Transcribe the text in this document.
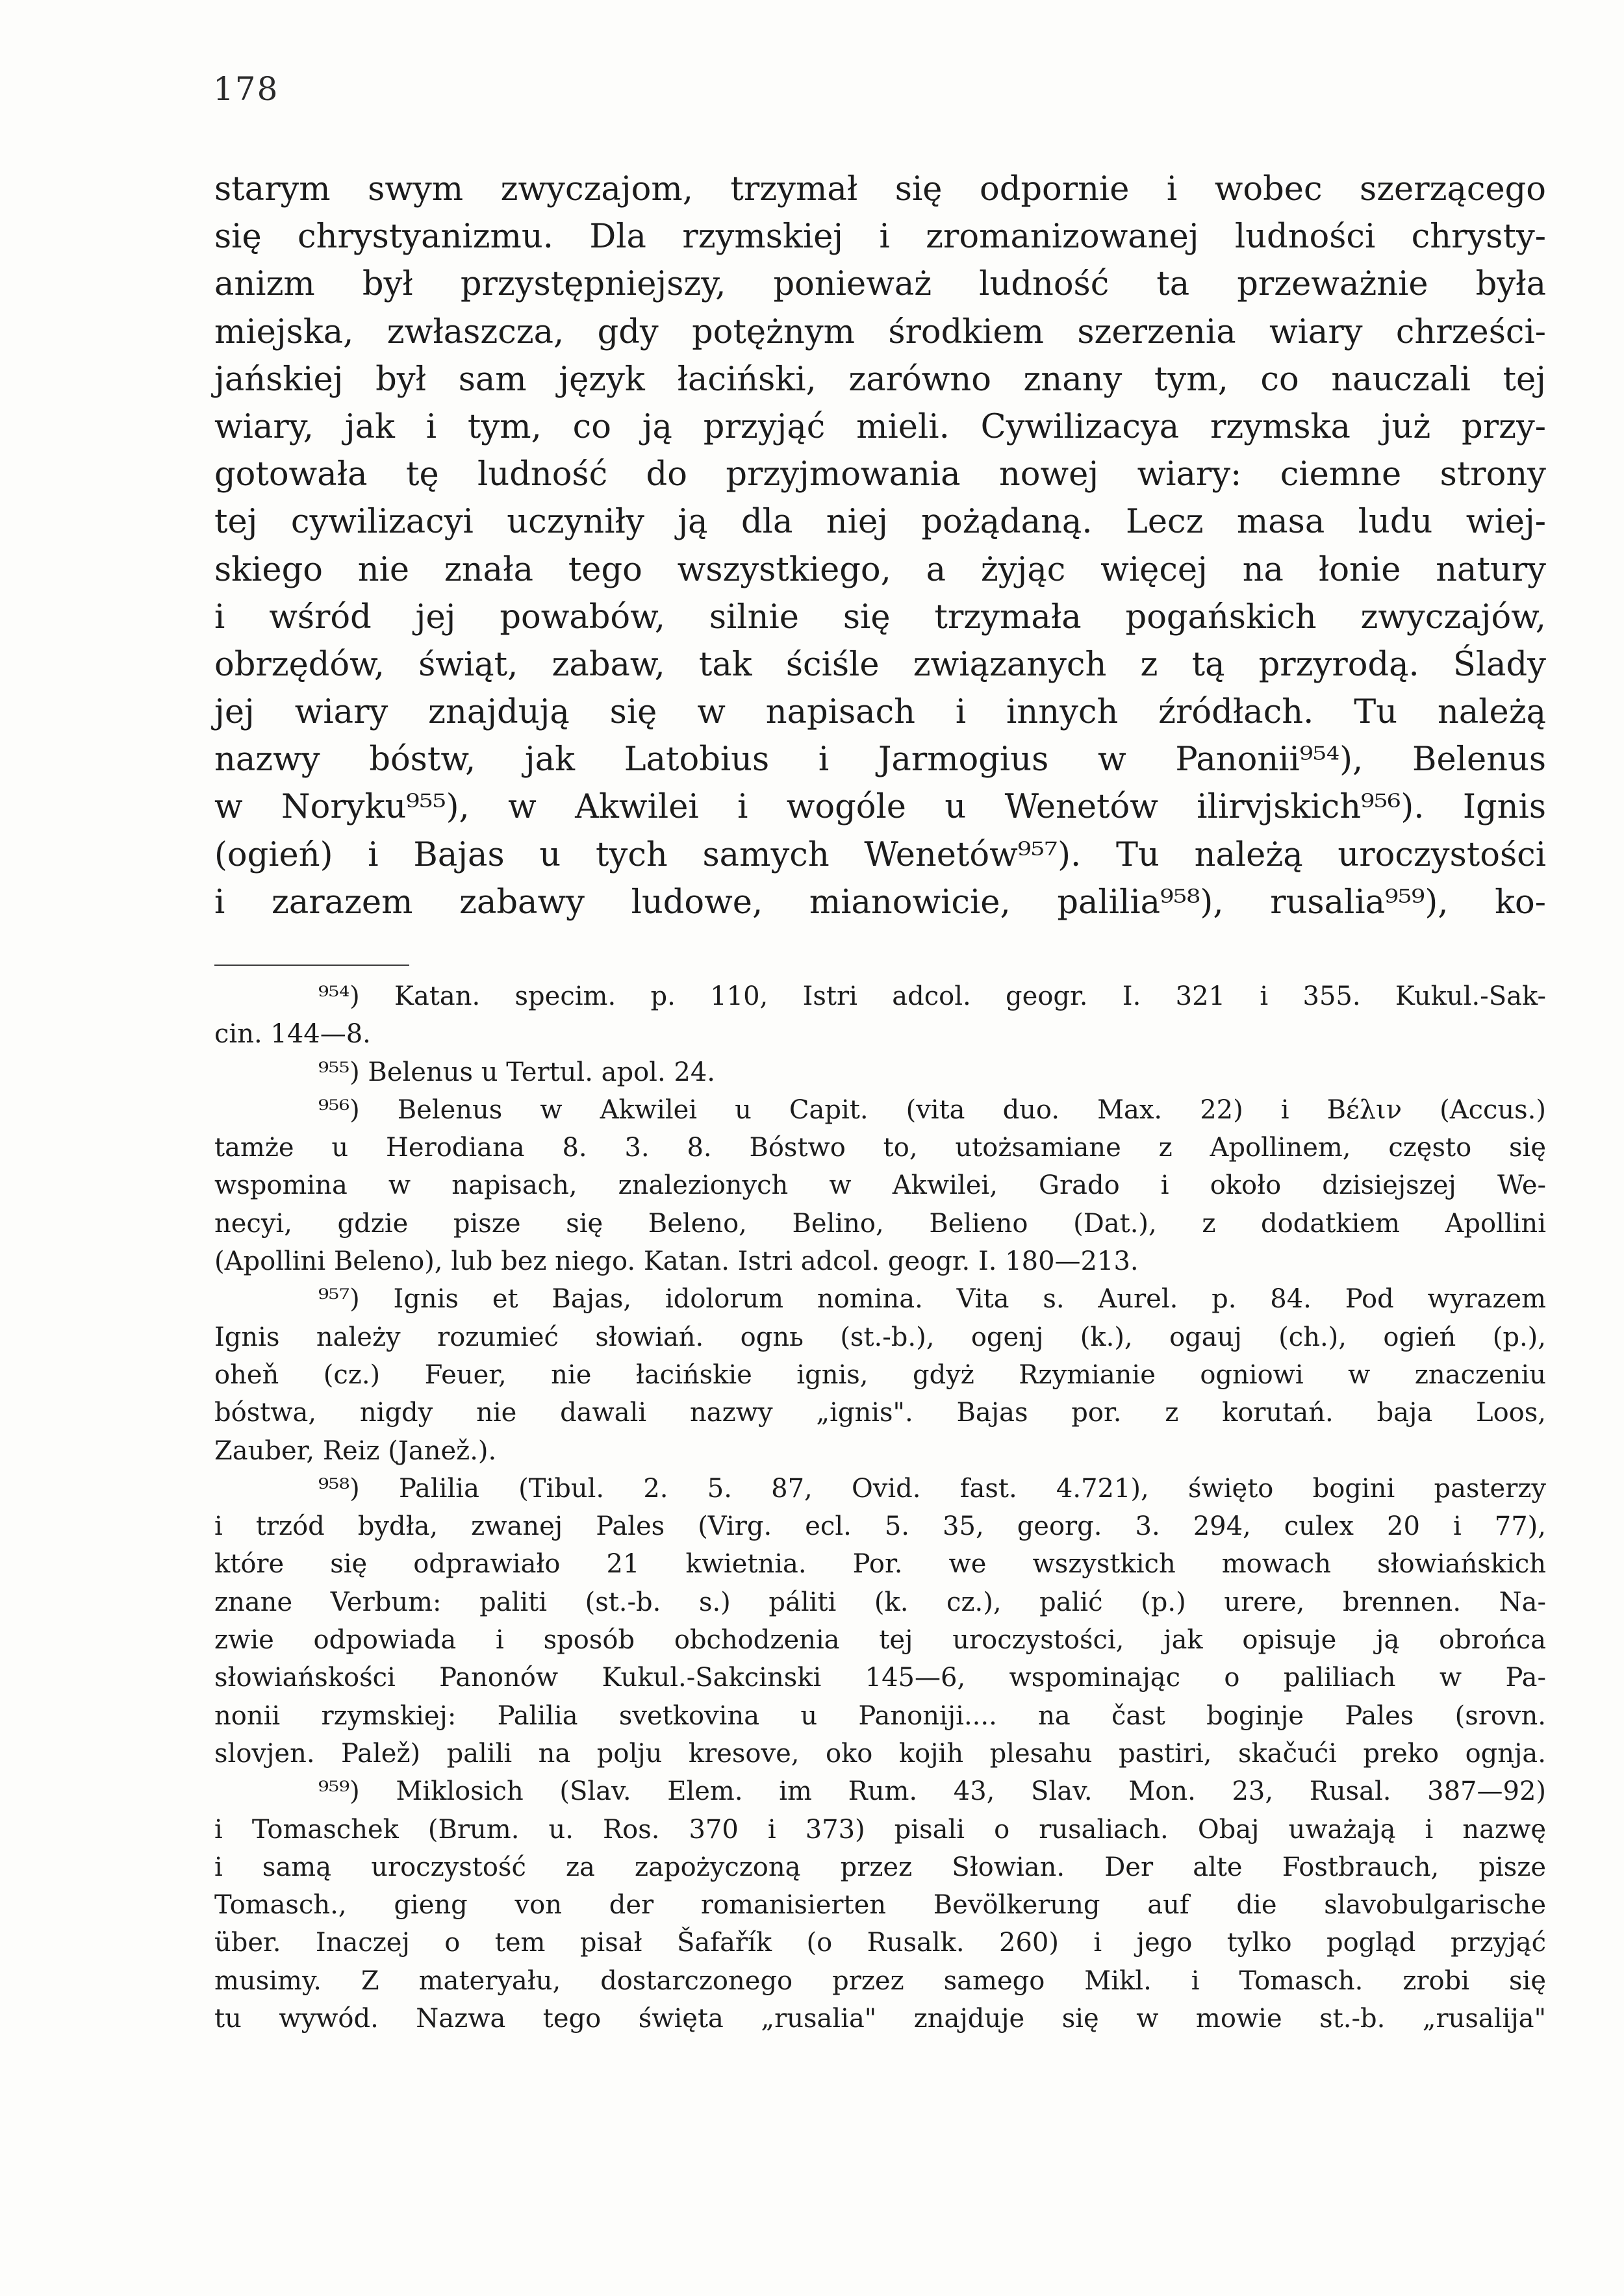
178
starym swym zwyczajom, trzymał się odpornie i wobec szerzącego
się chrystyanizmu. Dla rzymskiej i zromanizowanej ludności chrysty-
anizm był przystępniejszy, ponieważ ludność ta przeważnie była
miejska, zwłaszcza, gdy potężnym środkiem szerzenia wiary chrześci-
jańskiej był sam język łaciński, zarówno znany tym, co nauczali tej
wiary, jak i tym, co ją przyjąć mieli. Cywilizacya rzymska już przy-
gotowała tę ludność do przyjmowania nowej wiary: ciemne strony
tej cywilizacyi uczyniły ją dla niej pożądaną. Lecz masa ludu wiej-
skiego nie znała tego wszystkiego, a żyjąc więcej na łonie natury
i wśród jej powabów, silnie się trzymała pogańskich zwyczajów,
obrzędów, świąt, zabaw, tak ściśle związanych z tą przyrodą. Ślady
jej wiary znajdują się w napisach i innych źródłach. Tu należą
nazwy bóstw, jak Latobius i Jarmogius w Panonii⁹⁵⁴), Belenus
w Noryku⁹⁵⁵), w Akwilei i wogóle u Wenetów ilirvjskich⁹⁵⁶). Ignis
(ogień) i Bajas u tych samych Wenetów⁹⁵⁷). Tu należą uroczystości
i zarazem zabawy ludowe, mianowicie, palilia⁹⁵⁸), rusalia⁹⁵⁹), ko-
⁹⁵⁴) Katan. specim. p. 110, Istri adcol. geogr. I. 321 i 355. Kukul.-Sak-
cin. 144—8.
⁹⁵⁵) Belenus u Tertul. apol. 24.
⁹⁵⁶) Belenus w Akwilei u Capit. (vita duo. Max. 22) i Βέλιν (Accus.)
tamże u Herodiana 8. 3. 8. Bóstwo to, utożsamiane z Apollinem, często się
wspomina w napisach, znalezionych w Akwilei, Grado i około dzisiejszej We-
necyi, gdzie pisze się Beleno, Belino, Belieno (Dat.), z dodatkiem Apollini
(Apollini Beleno), lub bez niego. Katan. Istri adcol. geogr. I. 180—213.
⁹⁵⁷) Ignis et Bajas, idolorum nomina. Vita s. Aurel. p. 84. Pod wyrazem
Ignis należy rozumieć słowiań. ognь (st.-b.), ogenj (k.), ogauj (ch.), ogień (p.),
oheň (cz.) Feuer, nie łacińskie ignis, gdyż Rzymianie ogniowi w znaczeniu
bóstwa, nigdy nie dawali nazwy „ignis". Bajas por. z korutań. baja Loos,
Zauber, Reiz (Janež.).
⁹⁵⁸) Palilia (Tibul. 2. 5. 87, Ovid. fast. 4.721), święto bogini pasterzy
i trzód bydła, zwanej Pales (Virg. ecl. 5. 35, georg. 3. 294, culex 20 i 77),
które się odprawiało 21 kwietnia. Por. we wszystkich mowach słowiańskich
znane Verbum: paliti (st.-b. s.) páliti (k. cz.), palić (p.) urere, brennen. Na-
zwie odpowiada i sposób obchodzenia tej uroczystości, jak opisuje ją obrońca
słowiańskości Panonów Kukul.-Sakcinski 145—6, wspominając o paliliach w Pa-
nonii rzymskiej: Palilia svetkovina u Panoniji.... na čast boginje Pales (srovn.
slovjen. Palež) palili na polju kresove, oko kojih plesahu pastiri, skačući preko ognja.
⁹⁵⁹) Miklosich (Slav. Elem. im Rum. 43, Slav. Mon. 23, Rusal. 387—92)
i Tomaschek (Brum. u. Ros. 370 i 373) pisali o rusaliach. Obaj uważają i nazwę
i samą uroczystość za zapożyczoną przez Słowian. Der alte Fostbrauch, pisze
Tomasch., gieng von der romanisierten Bevölkerung auf die slavobulgarische
über. Inaczej o tem pisał Šafařík (o Rusalk. 260) i jego tylko pogląd przyjąć
musimy. Z materyału, dostarczonego przez samego Mikl. i Tomasch. zrobi się
tu wywód. Nazwa tego święta „rusalia" znajduje się w mowie st.-b. „rusalija"
